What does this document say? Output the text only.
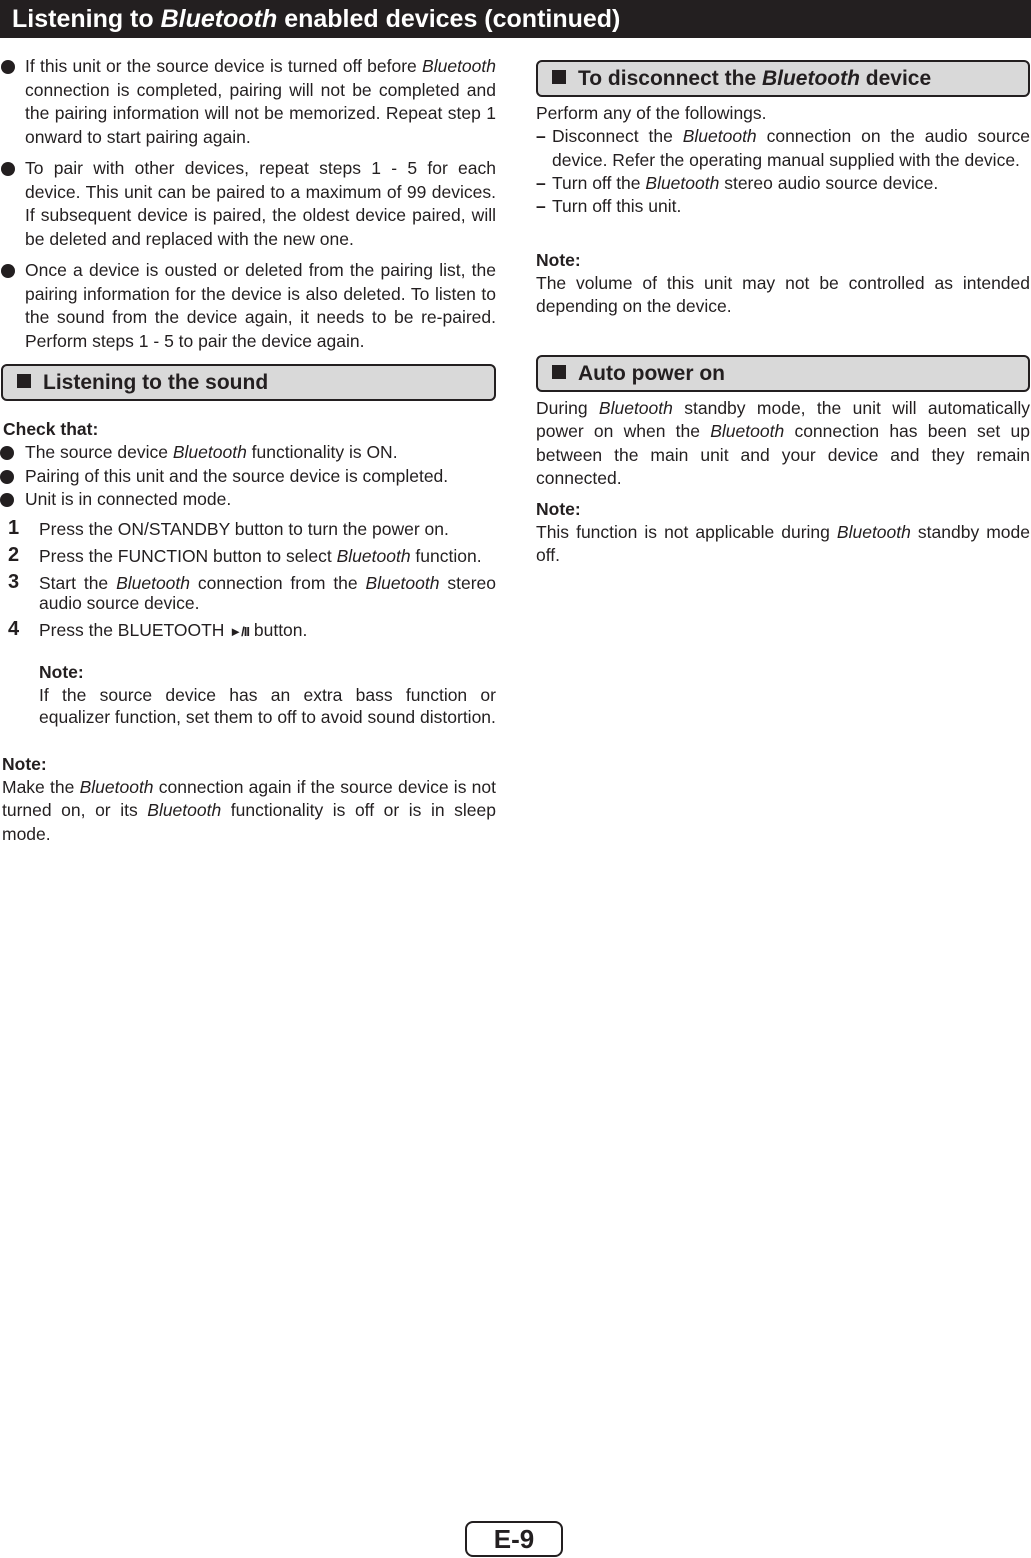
Listening to Bluetooth enabled devices (continued)
If this unit or the source device is turned off before Bluetooth connection is completed, pairing will not be completed and the pairing information will not be memorized. Repeat step 1 onward to start pairing again.
To pair with other devices, repeat steps 1 - 5 for each device. This unit can be paired to a maximum of 99 devices. If subsequent device is paired, the oldest device paired, will be deleted and replaced with the new one.
Once a device is ousted or deleted from the pairing list, the pairing information for the device is also deleted. To listen to the sound from the device again, it needs to be re-paired. Perform steps 1 - 5 to pair the device again.
Listening to the sound

Check that:

The source device Bluetooth functionality is ON.
Pairing of this unit and the source device is completed.
Unit is in connected mode.
1 Press the ON/STANDBY button to turn the power on.
2 Press the FUNCTION button to select Bluetooth function.
3 Start the Bluetooth connection from the Bluetooth stereo audio source device.
4 Press the BLUETOOTH ►/II button.

Note:

If the source device has an extra bass function or equalizer function, set them to off to avoid sound distortion.

Note:

Make the Bluetooth connection again if the source device is not turned on, or its Bluetooth functionality is off or is in sleep mode.

To disconnect the Bluetooth device

Perform any of the followings.

– Disconnect the Bluetooth connection on the audio source device. Refer the operating manual supplied with the device.
– Turn off the Bluetooth stereo audio source device.
– Turn off this unit.

Note:

The volume of this unit may not be controlled as intended depending on the device.

Auto power on

During Bluetooth standby mode, the unit will automatically power on when the Bluetooth connection has been set up between the main unit and your device and they remain connected.

Note:

This function is not applicable during Bluetooth standby mode off.

E-9
